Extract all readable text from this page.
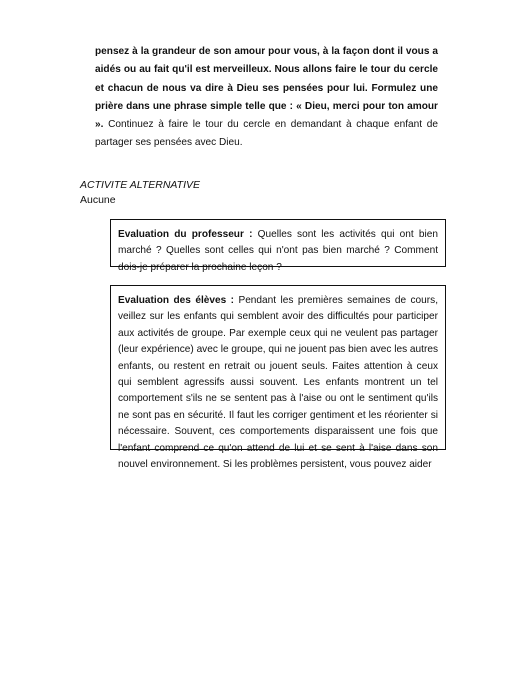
pensez à la grandeur de son amour pour vous, à la façon dont il vous a aidés ou au fait qu'il est merveilleux. Nous allons faire le tour du cercle et chacun de nous va dire à Dieu ses pensées pour lui. Formulez une prière dans une phrase simple telle que : « Dieu, merci pour ton amour ». Continuez à faire le tour du cercle en demandant à chaque enfant de partager ses pensées avec Dieu.
ACTIVITE ALTERNATIVE
Aucune

Evaluation du professeur : Quelles sont les activités qui ont bien marché ? Quelles sont celles qui n'ont pas bien marché ? Comment dois-je préparer la prochaine leçon ?

Evaluation des élèves : Pendant les premières semaines de cours, veillez sur les enfants qui semblent avoir des difficultés pour participer aux activités de groupe. Par exemple ceux qui ne veulent pas partager (leur expérience) avec le groupe, qui ne jouent pas bien avec les autres enfants, ou restent en retrait ou jouent seuls. Faites attention à ceux qui semblent agressifs aussi souvent. Les enfants montrent un tel comportement s'ils ne se sentent pas à l'aise ou ont le sentiment qu'ils ne sont pas en sécurité. Il faut les corriger gentiment et les réorienter si nécessaire. Souvent, ces comportements disparaissent une fois que l'enfant comprend ce qu'on attend de lui et se sent à l'aise dans son nouvel environnement. Si les problèmes persistent, vous pouvez aider
